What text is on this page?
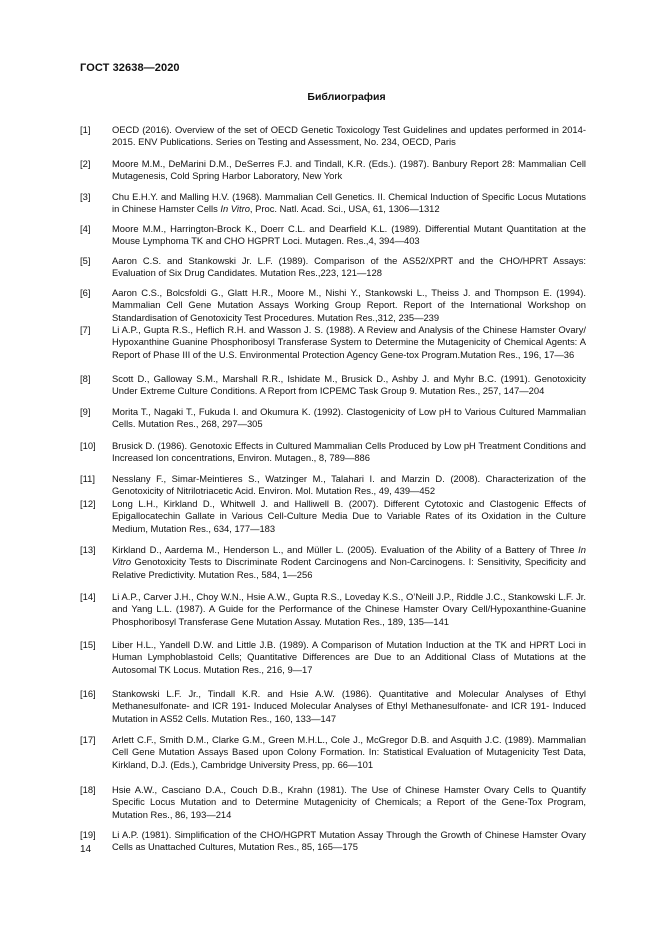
ГОСТ 32638—2020
Библиография
[1] OECD (2016). Overview of the set of OECD Genetic Toxicology Test Guidelines and updates performed in 2014-2015. ENV Publications. Series on Testing and Assessment, No. 234, OECD, Paris
[2] Moore M.M., DeMarini D.M., DeSerres F.J. and Tindall, K.R. (Eds.). (1987). Banbury Report 28: Mammalian Cell Mutagenesis, Cold Spring Harbor Laboratory, New York
[3] Chu E.H.Y. and Malling H.V. (1968). Mammalian Cell Genetics. II. Chemical Induction of Specific Locus Mutations in Chinese Hamster Cells In Vitro, Proc. Natl. Acad. Sci., USA, 61, 1306—1312
[4] Moore M.M., Harrington-Brock K., Doerr C.L. and Dearfield K.L. (1989). Differential Mutant Quantitation at the Mouse Lymphoma TK and CHO HGPRT Loci. Mutagen. Res.,4, 394—403
[5] Aaron C.S. and Stankowski Jr. L.F. (1989). Comparison of the AS52/XPRT and the CHO/HPRT Assays: Evaluation of Six Drug Candidates. Mutation Res.,223, 121—128
[6] Aaron C.S., Bolcsfoldi G., Glatt H.R., Moore M., Nishi Y., Stankowski L., Theiss J. and Thompson E. (1994). Mammalian Cell Gene Mutation Assays Working Group Report. Report of the International Workshop on Standardisation of Genotoxicity Test Procedures. Mutation Res.,312, 235—239
[7] Li A.P., Gupta R.S., Heflich R.H. and Wasson J. S. (1988). A Review and Analysis of the Chinese Hamster Ovary/ Hypoxanthine Guanine Phosphoribosyl Transferase System to Determine the Mutagenicity of Chemical Agents: A Report of Phase III of the U.S. Environmental Protection Agency Gene-tox Program.Mutation Res., 196, 17—36
[8] Scott D., Galloway S.M., Marshall R.R., Ishidate M., Brusick D., Ashby J. and Myhr B.C. (1991). Genotoxicity Under Extreme Culture Conditions. A Report from ICPEMC Task Group 9. Mutation Res., 257, 147—204
[9] Morita T., Nagaki T., Fukuda I. and Okumura K. (1992). Clastogenicity of Low pH to Various Cultured Mammalian Cells. Mutation Res., 268, 297—305
[10] Brusick D. (1986). Genotoxic Effects in Cultured Mammalian Cells Produced by Low pH Treatment Conditions and Increased Ion concentrations, Environ. Mutagen., 8, 789—886
[11] Nesslany F., Simar-Meintieres S., Watzinger M., Talahari I. and Marzin D. (2008). Characterization of the Genotoxicity of Nitrilotriacetic Acid. Environ. Mol. Mutation Res., 49, 439—452
[12] Long L.H., Kirkland D., Whitwell J. and Halliwell B. (2007). Different Cytotoxic and Clastogenic Effects of Epigallocatechin Gallate in Various Cell-Culture Media Due to Variable Rates of its Oxidation in the Culture Medium, Mutation Res., 634, 177—183
[13] Kirkland D., Aardema M., Henderson L., and Müller L. (2005). Evaluation of the Ability of a Battery of Three In Vitro Genotoxicity Tests to Discriminate Rodent Carcinogens and Non-Carcinogens. I: Sensitivity, Specificity and Relative Predictivity. Mutation Res., 584, 1—256
[14] Li A.P., Carver J.H., Choy W.N., Hsie A.W., Gupta R.S., Loveday K.S., O’Neill J.P., Riddle J.C., Stankowski L.F. Jr. and Yang L.L. (1987). A Guide for the Performance of the Chinese Hamster Ovary Cell/Hypoxanthine-Guanine Phosphoribosyl Transferase Gene Mutation Assay. Mutation Res., 189, 135—141
[15] Liber H.L., Yandell D.W. and Little J.B. (1989). A Comparison of Mutation Induction at the TK and HPRT Loci in Human Lymphoblastoid Cells; Quantitative Differences are Due to an Additional Class of Mutations at the Autosomal TK Locus. Mutation Res., 216, 9—17
[16] Stankowski L.F. Jr., Tindall K.R. and Hsie A.W. (1986). Quantitative and Molecular Analyses of Ethyl Methanesulfonate- and ICR 191- Induced Molecular Analyses of Ethyl Methanesulfonate- and ICR 191- Induced Mutation in AS52 Cells. Mutation Res., 160, 133—147
[17] Arlett C.F., Smith D.M., Clarke G.M., Green M.H.L., Cole J., McGregor D.B. and Asquith J.C. (1989). Mammalian Cell Gene Mutation Assays Based upon Colony Formation. In: Statistical Evaluation of Mutagenicity Test Data, Kirkland, D.J. (Eds.), Cambridge University Press, pp. 66—101
[18] Hsie A.W., Casciano D.A., Couch D.B., Krahn (1981). The Use of Chinese Hamster Ovary Cells to Quantify Specific Locus Mutation and to Determine Mutagenicity of Chemicals; a Report of the Gene-Tox Program, Mutation Res., 86, 193—214
[19] Li A.P. (1981). Simplification of the CHO/HGPRT Mutation Assay Through the Growth of Chinese Hamster Ovary Cells as Unattached Cultures, Mutation Res., 85, 165—175
14
